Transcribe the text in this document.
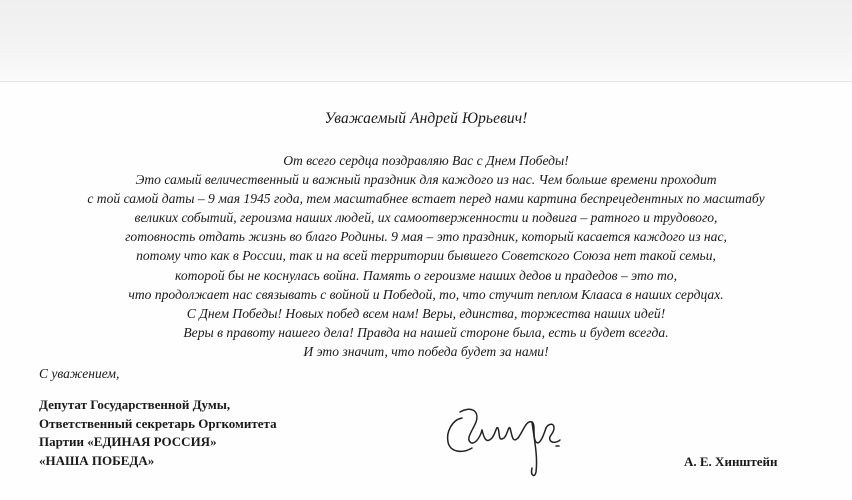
Уважаемый Андрей Юрьевич!
От всего сердца поздравляю Вас с Днем Победы!
Это самый величественный и важный праздник для каждого из нас. Чем больше времени проходит
с той самой даты – 9 мая 1945 года, тем масштабнее встает перед нами картина беспрецедентных по масштабу
великих событий, героизма наших людей, их самоотверженности и подвига – ратного и трудового,
готовность отдать жизнь во благо Родины. 9 мая – это праздник, который касается каждого из нас,
потому что как в России, так и на всей территории бывшего Советского Союза нет такой семьи,
которой бы не коснулась война. Память о героизме наших дедов и прадедов – это то,
что продолжает нас связывать с войной и Победой, то, что стучит пеплом Клааса в наших сердцах.
С Днем Победы! Новых побед всем нам! Веры, единства, торжества наших идей!
Веры в правоту нашего дела! Правда на нашей стороне была, есть и будет всегда.
И это значит, что победа будет за нами!
С уважением,
Депутат Государственной Думы,
Ответственный секретарь Оргкомитета
Партии «ЕДИНАЯ РОССИЯ»
«НАША ПОБЕДА»	А. Е. Хинштейн
